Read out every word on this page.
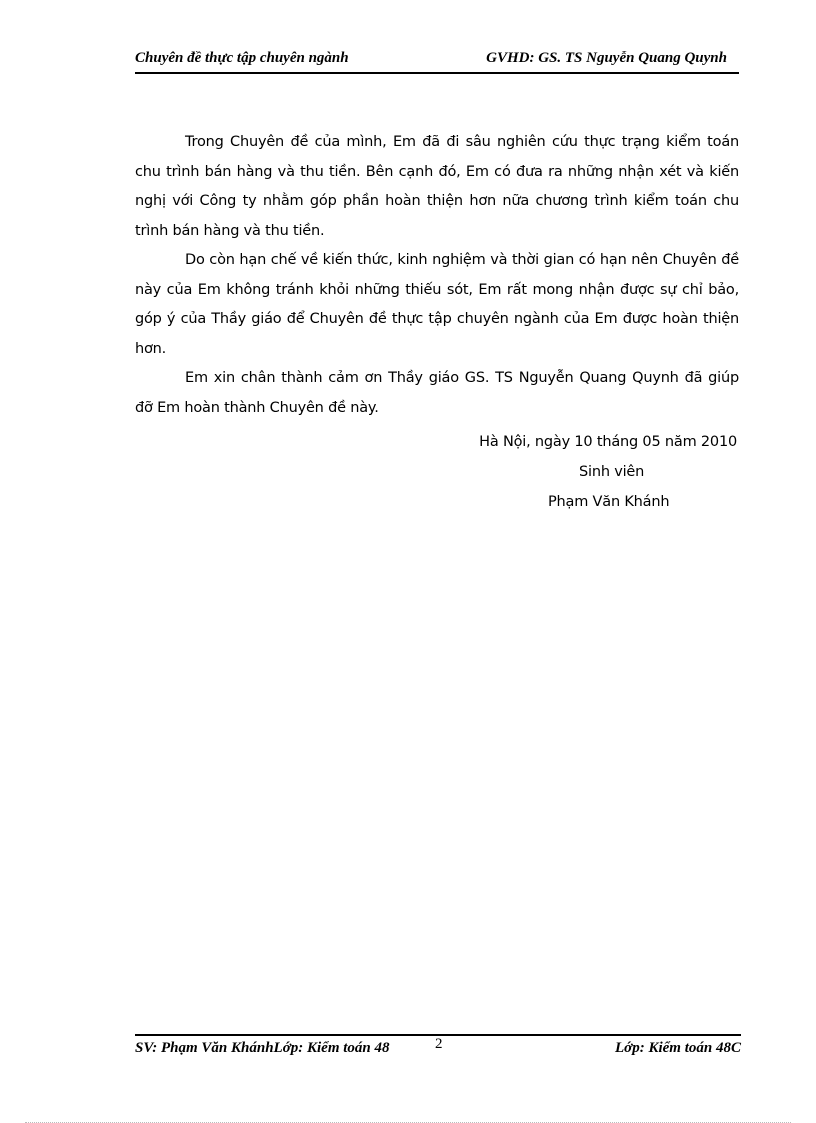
Chuyên đề thực tập chuyên ngành	GVHD: GS. TS Nguyễn Quang Quynh

Trong Chuyên đề của mình, Em đã đi sâu nghiên cứu thực trạng kiểm toán chu trình bán hàng và thu tiền. Bên cạnh đó, Em có đưa ra những nhận xét và kiến nghị với Công ty nhằm góp phần hoàn thiện hơn nữa chương trình kiểm toán chu trình bán hàng và thu tiền.

Do còn hạn chế về kiến thức, kinh nghiệm và thời gian có hạn nên Chuyên đề này của Em không tránh khỏi những thiếu sót, Em rất mong nhận được sự chỉ bảo, góp ý của Thầy giáo để Chuyên đề thực tập chuyên ngành của Em được hoàn thiện hơn.

Em xin chân thành cảm ơn Thầy giáo GS. TS Nguyễn Quang Quynh đã giúp đỡ Em hoàn thành Chuyên đề này.

Hà Nội, ngày 10 tháng 05 năm 2010
Sinh viên
Phạm Văn Khánh
SV: Phạm Văn KhánhLớp: Kiểm toán 48	2	Lớp: Kiểm toán 48C
